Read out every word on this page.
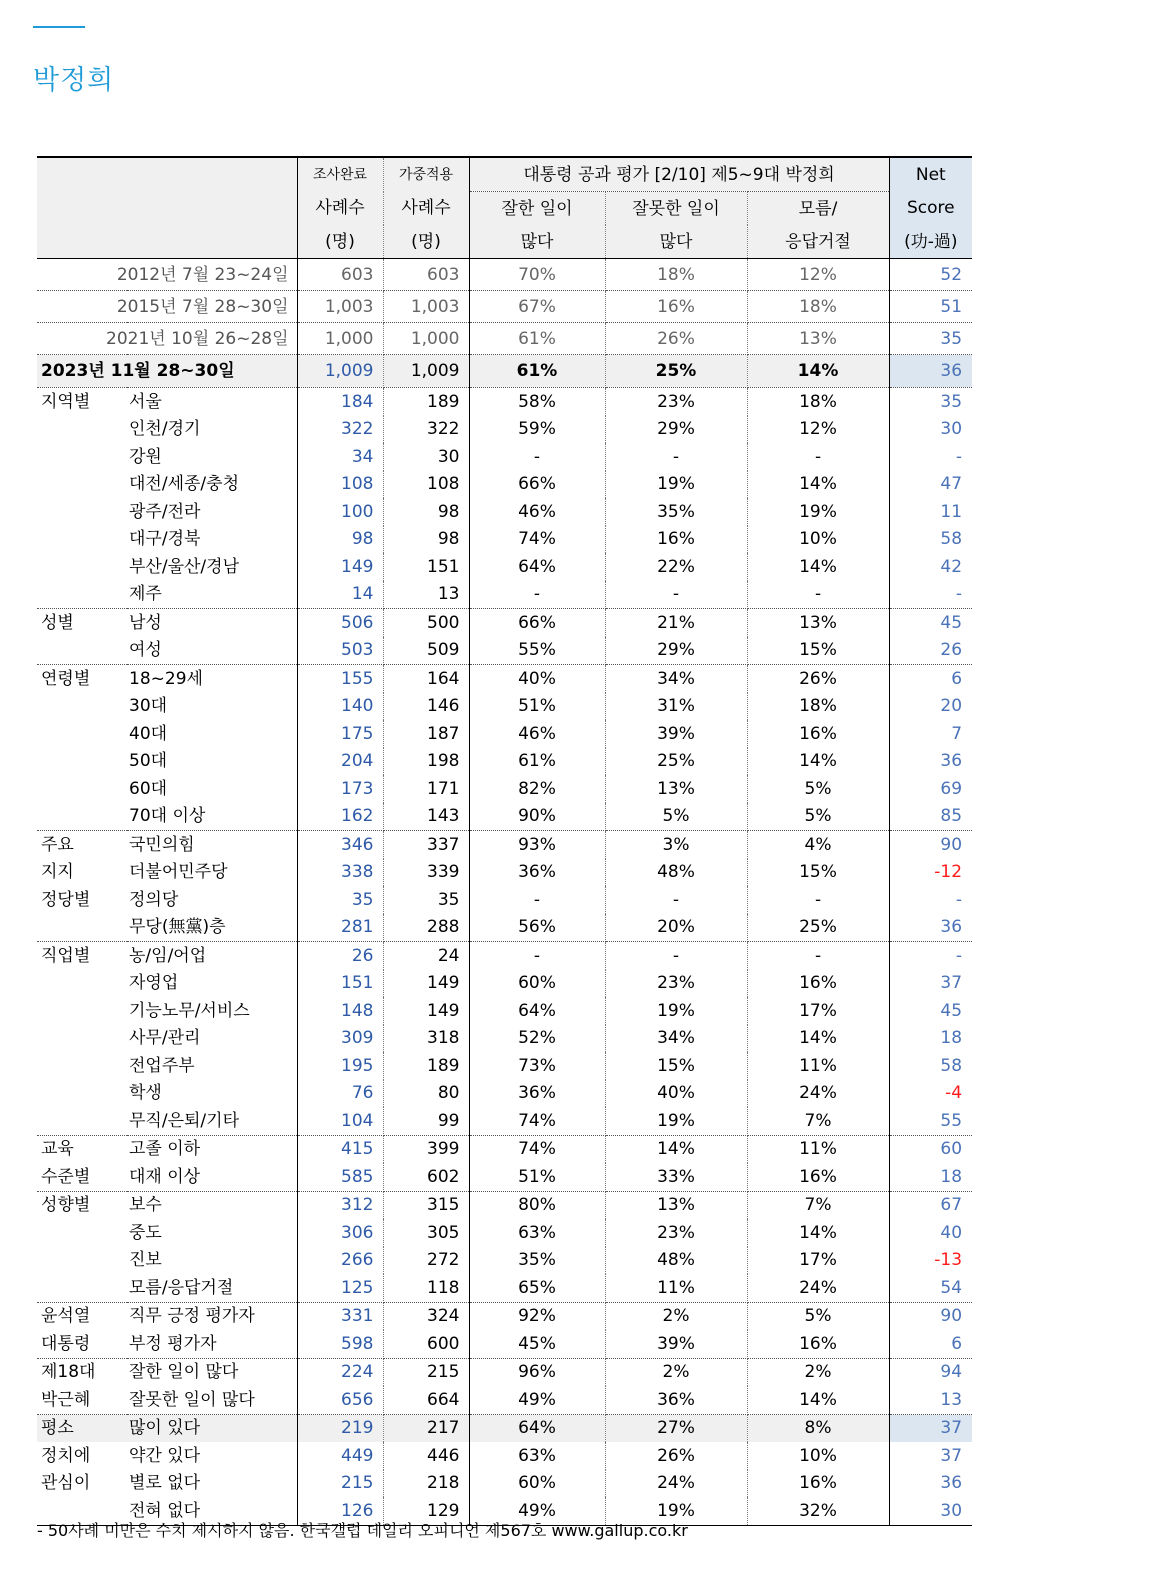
박정희
		조사완료	가중적용	대통령 공과 평가 [2/10] 제5~9대 박정희			Net
		사례수	사례수	잘한 일이	잘못한 일이	모름/	Score
		(명)	(명)	많다	많다	응답거절	(功-過)
2012년 7월 23~24일		603	603	70%	18%	12%	52
2015년 7월 28~30일		1,003	1,003	67%	16%	18%	51
2021년 10월 26~28일		1,000	1,000	61%	26%	13%	35
2023년 11월 28~30일		1,009	1,009	61%	25%	14%	36
지역별	서울	184	189	58%	23%	18%	35
	인천/경기	322	322	59%	29%	12%	30
	강원	34	30	-	-	-	-
	대전/세종/충청	108	108	66%	19%	14%	47
	광주/전라	100	98	46%	35%	19%	11
	대구/경북	98	98	74%	16%	10%	58
	부산/울산/경남	149	151	64%	22%	14%	42
	제주	14	13	-	-	-	-
성별	남성	506	500	66%	21%	13%	45
	여성	503	509	55%	29%	15%	26
연령별	18~29세	155	164	40%	34%	26%	6
	30대	140	146	51%	31%	18%	20
	40대	175	187	46%	39%	16%	7
	50대	204	198	61%	25%	14%	36
	60대	173	171	82%	13%	5%	69
	70대 이상	162	143	90%	5%	5%	85
주요	국민의힘	346	337	93%	3%	4%	90
지지	더불어민주당	338	339	36%	48%	15%	-12
정당별	정의당	35	35	-	-	-	-
	무당(無黨)층	281	288	56%	20%	25%	36
직업별	농/임/어업	26	24	-	-	-	-
	자영업	151	149	60%	23%	16%	37
	기능노무/서비스	148	149	64%	19%	17%	45
	사무/관리	309	318	52%	34%	14%	18
	전업주부	195	189	73%	15%	11%	58
	학생	76	80	36%	40%	24%	-4
	무직/은퇴/기타	104	99	74%	19%	7%	55
교육	고졸 이하	415	399	74%	14%	11%	60
수준별	대재 이상	585	602	51%	33%	16%	18
성향별	보수	312	315	80%	13%	7%	67
	중도	306	305	63%	23%	14%	40
	진보	266	272	35%	48%	17%	-13
	모름/응답거절	125	118	65%	11%	24%	54
윤석열	직무 긍정 평가자	331	324	92%	2%	5%	90
대통령	부정 평가자	598	600	45%	39%	16%	6
제18대	잘한 일이 많다	224	215	96%	2%	2%	94
박근혜	잘못한 일이 많다	656	664	49%	36%	14%	13
평소	많이 있다	219	217	64%	27%	8%	37
정치에	약간 있다	449	446	63%	26%	10%	37
관심이	별로 없다	215	218	60%	24%	16%	36
	전혀 없다	126	129	49%	19%	32%	30

- 50사례 미만은 수치 제시하지 않음. 한국갤럽 데일리 오피니언 제567호 www.gallup.co.kr
